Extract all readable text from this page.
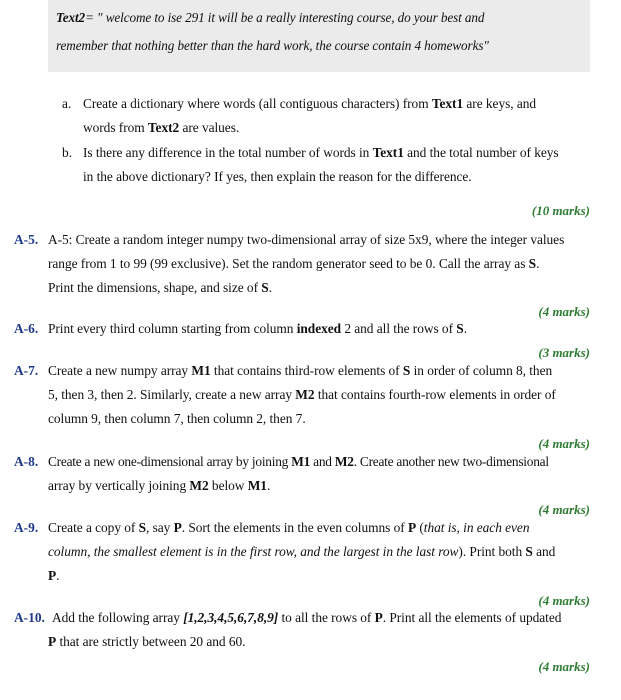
Text2= " welcome to ise 291 it will be a really interesting course, do your best and
remember that nothing better than the hard work, the course contain 4 homeworks"
a. Create a dictionary where words (all contiguous characters) from Text1 are keys, and
words from Text2 are values.
b. Is there any difference in the total number of words in Text1 and the total number of keys
in the above dictionary? If yes, then explain the reason for the difference.
(10 marks)
A-5. A-5: Create a random integer numpy two-dimensional array of size 5x9, where the integer values
range from 1 to 99 (99 exclusive). Set the random generator seed to be 0. Call the array as S.
Print the dimensions, shape, and size of S.
(4 marks)
A-6. Print every third column starting from column indexed 2 and all the rows of S.
(3 marks)
A-7. Create a new numpy array M1 that contains third-row elements of S in order of column 8, then
5, then 3, then 2. Similarly, create a new array M2 that contains fourth-row elements in order of
column 9, then column 7, then column 2, then 7.
(4 marks)
A-8. Create a new one-dimensional array by joining M1 and M2. Create another new two-dimensional
array by vertically joining M2 below M1.
(4 marks)
A-9. Create a copy of S, say P. Sort the elements in the even columns of P (that is, in each even
column, the smallest element is in the first row, and the largest in the last row). Print both S and
P.
(4 marks)
A-10. Add the following array [1,2,3,4,5,6,7,8,9] to all the rows of P. Print all the elements of updated
P that are strictly between 20 and 60.
(4 marks)
